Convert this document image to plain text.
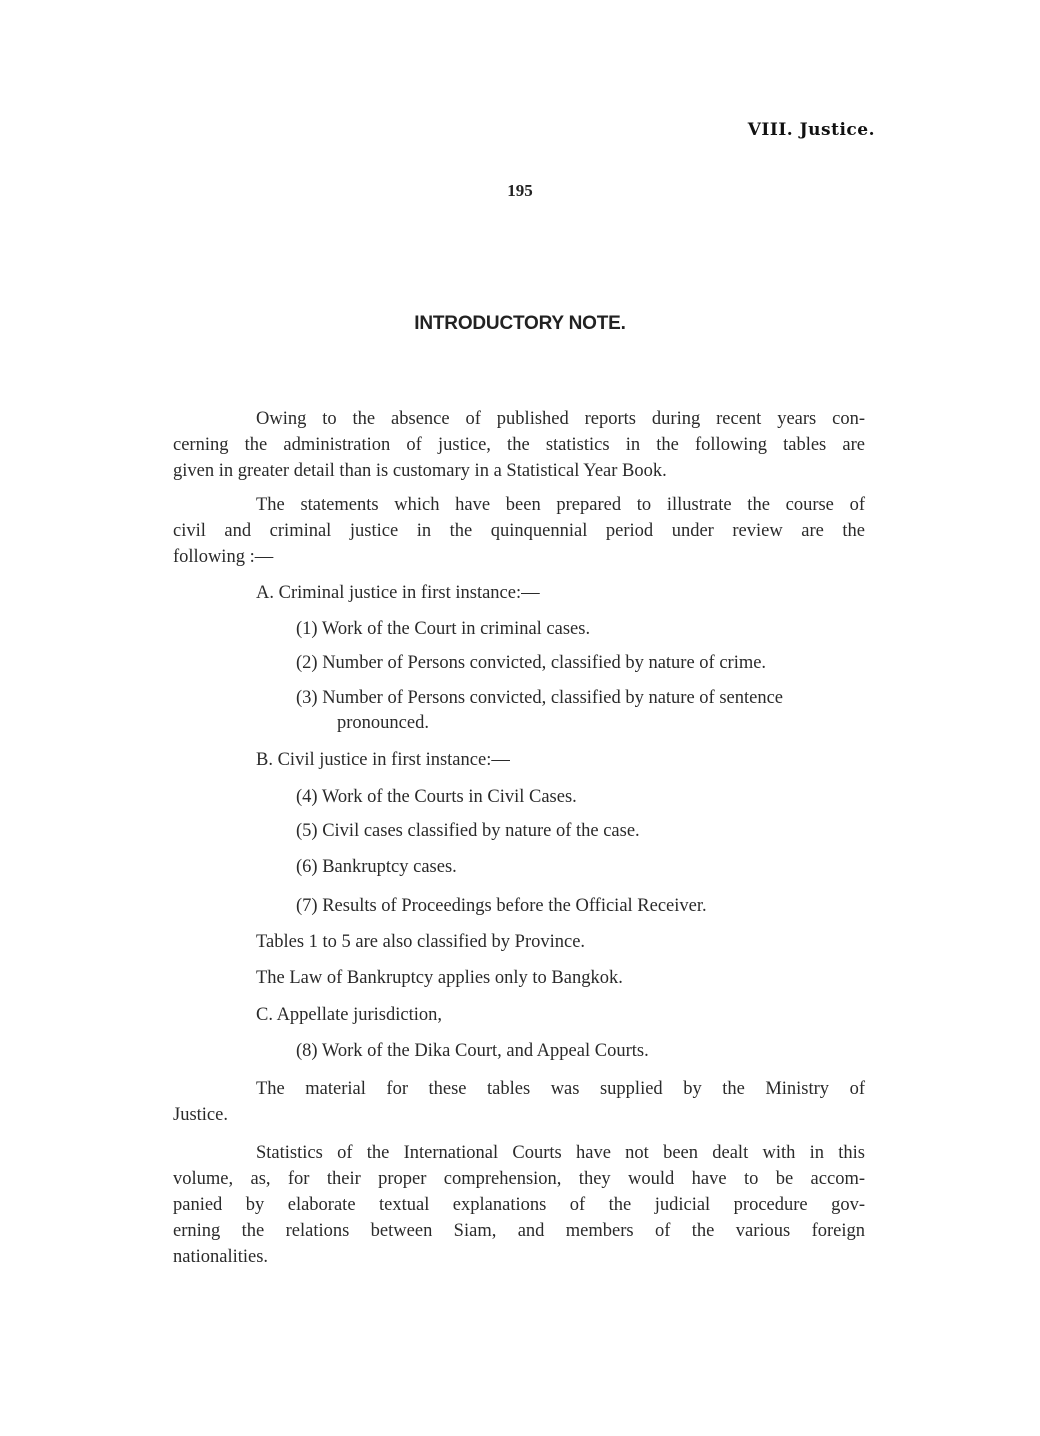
VIII. Justice.
195
INTRODUCTORY NOTE.
Owing to the absence of published reports during recent years con-
cerning the administration of justice, the statistics in the following tables are
given in greater detail than is customary in a Statistical Year Book.
The statements which have been prepared to illustrate the course of
civil and criminal justice in the quinquennial period under review are the
following :—
A. Criminal justice in first instance:—
(1) Work of the Court in criminal cases.
(2) Number of Persons convicted, classified by nature of crime.
(3) Number of Persons convicted, classified by nature of sentence
pronounced.
B. Civil justice in first instance:—
(4) Work of the Courts in Civil Cases.
(5) Civil cases classified by nature of the case.
(6) Bankruptcy cases.
(7) Results of Proceedings before the Official Receiver.
Tables 1 to 5 are also classified by Province.
The Law of Bankruptcy applies only to Bangkok.
C. Appellate jurisdiction,
(8) Work of the Dika Court, and Appeal Courts.
The material for these tables was supplied by the Ministry of
Justice.
Statistics of the International Courts have not been dealt with in this
volume, as, for their proper comprehension, they would have to be accom-
panied by elaborate textual explanations of the judicial procedure gov-
erning the relations between Siam, and members of the various foreign
nationalities.
